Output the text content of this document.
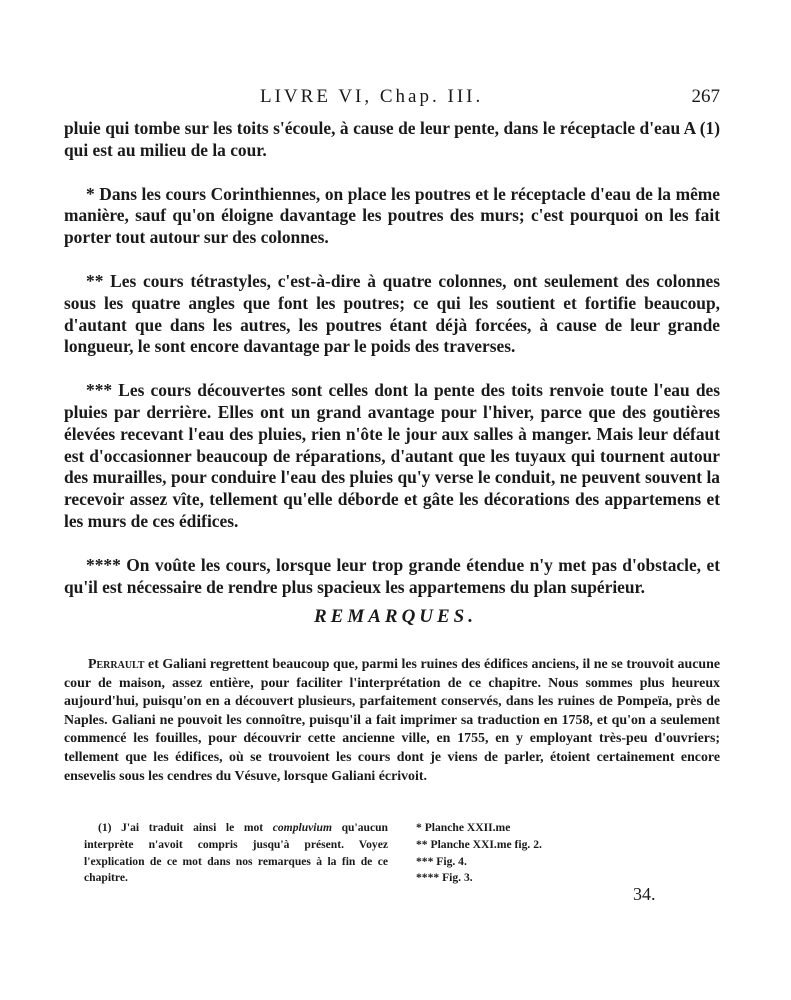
LIVRE VI, Chap. III.	267

pluie qui tombe sur les toits s'écoule, à cause de leur pente, dans le réceptacle d'eau A (1) qui est au milieu de la cour.

* Dans les cours Corinthiennes, on place les poutres et le réceptacle d'eau de la même manière, sauf qu'on éloigne davantage les poutres des murs; c'est pourquoi on les fait porter tout autour sur des colonnes.

** Les cours tétrastyles, c'est-à-dire à quatre colonnes, ont seulement des colonnes sous les quatre angles que font les poutres; ce qui les soutient et fortifie beaucoup, d'autant que dans les autres, les poutres étant déjà forcées, à cause de leur grande longueur, le sont encore davantage par le poids des traverses.

*** Les cours découvertes sont celles dont la pente des toits renvoie toute l'eau des pluies par derrière. Elles ont un grand avantage pour l'hiver, parce que des goutières élevées recevant l'eau des pluies, rien n'ôte le jour aux salles à manger. Mais leur défaut est d'occasionner beaucoup de réparations, d'autant que les tuyaux qui tournent autour des murailles, pour conduire l'eau des pluies qu'y verse le conduit, ne peuvent souvent la recevoir assez vîte, tellement qu'elle déborde et gâte les décorations des appartemens et les murs de ces édifices.

**** On voûte les cours, lorsque leur trop grande étendue n'y met pas d'obstacle, et qu'il est nécessaire de rendre plus spacieux les appartemens du plan supérieur.

REMARQUES.

Perrault et Galiani regrettent beaucoup que, parmi les ruines des édifices anciens, il ne se trouvoit aucune cour de maison, assez entière, pour faciliter l'interprétation de ce chapitre. Nous sommes plus heureux aujourd'hui, puisqu'on en a découvert plusieurs, parfaitement conservés, dans les ruines de Pompeïa, près de Naples. Galiani ne pouvoit les connoître, puisqu'il a fait imprimer sa traduction en 1758, et qu'on a seulement commencé les fouilles, pour découvrir cette ancienne ville, en 1755, en y employant très-peu d'ouvriers; tellement que les édifices, où se trouvoient les cours dont je viens de parler, étoient certainement encore ensevelis sous les cendres du Vésuve, lorsque Galiani écrivoit.

(1) J'ai traduit ainsi le mot compluvium qu'aucun interprète n'avoit compris jusqu'à présent. Voyez l'explication de ce mot dans nos remarques à la fin de ce chapitre.

* Planche XXII.me
** Planche XXI.me fig. 2.
*** Fig. 4.
**** Fig. 3.
34.
